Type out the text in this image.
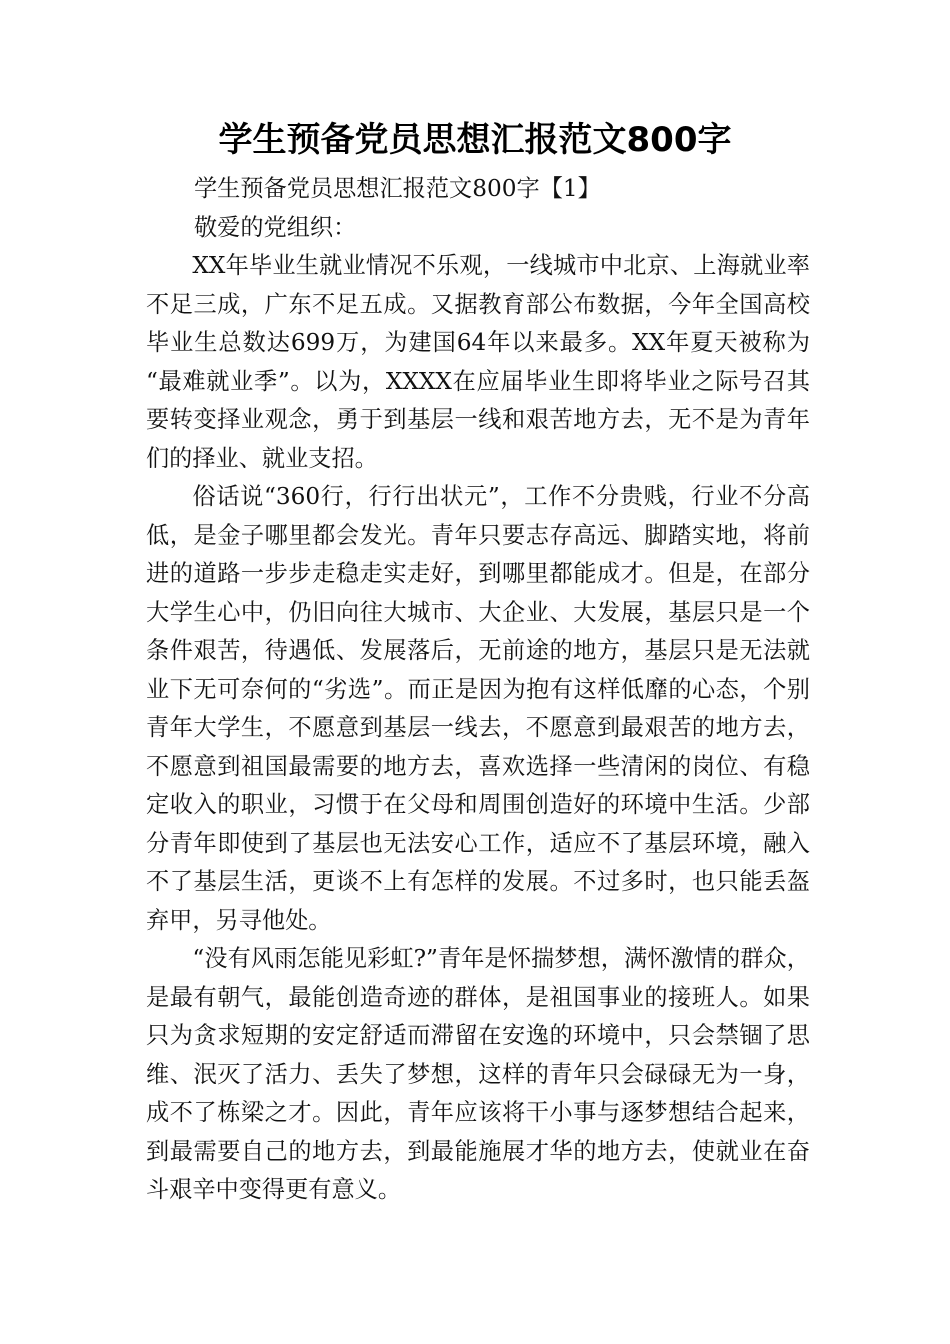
学生预备党员思想汇报范文800字

学生预备党员思想汇报范文800字【1】

敬爱的党组织：

XX年毕业生就业情况不乐观，一线城市中北京、上海就业率不足三成，广东不足五成。又据教育部公布数据，今年全国高校毕业生总数达699万，为建国64年以来最多。XX年夏天被称为 “最难就业季”。以为，XXXX在应届毕业生即将毕业之际号召其要转变择业观念，勇于到基层一线和艰苦地方去，无不是为青年们的择业、就业支招。

俗话说“360行，行行出状元”，工作不分贵贱，行业不分高低，是金子哪里都会发光。青年只要志存高远、脚踏实地，将前进的道路一步步走稳走实走好，到哪里都能成才。但是，在部分大学生心中，仍旧向往大城市、大企业、大发展，基层只是一个条件艰苦，待遇低、发展落后，无前途的地方，基层只是无法就业下无可奈何的“劣选”。而正是因为抱有这样低靡的心态，个别青年大学生，不愿意到基层一线去，不愿意到最艰苦的地方去，不愿意到祖国最需要的地方去，喜欢选择一些清闲的岗位、有稳定收入的职业，习惯于在父母和周围创造好的环境中生活。少部分青年即使到了基层也无法安心工作，适应不了基层环境，融入不了基层生活，更谈不上有怎样的发展。不过多时，也只能丢盔弃甲，另寻他处。

“没有风雨怎能见彩虹?”青年是怀揣梦想，满怀激情的群众，是最有朝气，最能创造奇迹的群体，是祖国事业的接班人。如果只为贪求短期的安定舒适而滞留在安逸的环境中，只会禁锢了思维、泯灭了活力、丢失了梦想，这样的青年只会碌碌无为一身，成不了栋梁之才。因此，青年应该将干小事与逐梦想结合起来，到最需要自己的地方去，到最能施展才华的地方去，使就业在奋斗艰辛中变得更有意义。
